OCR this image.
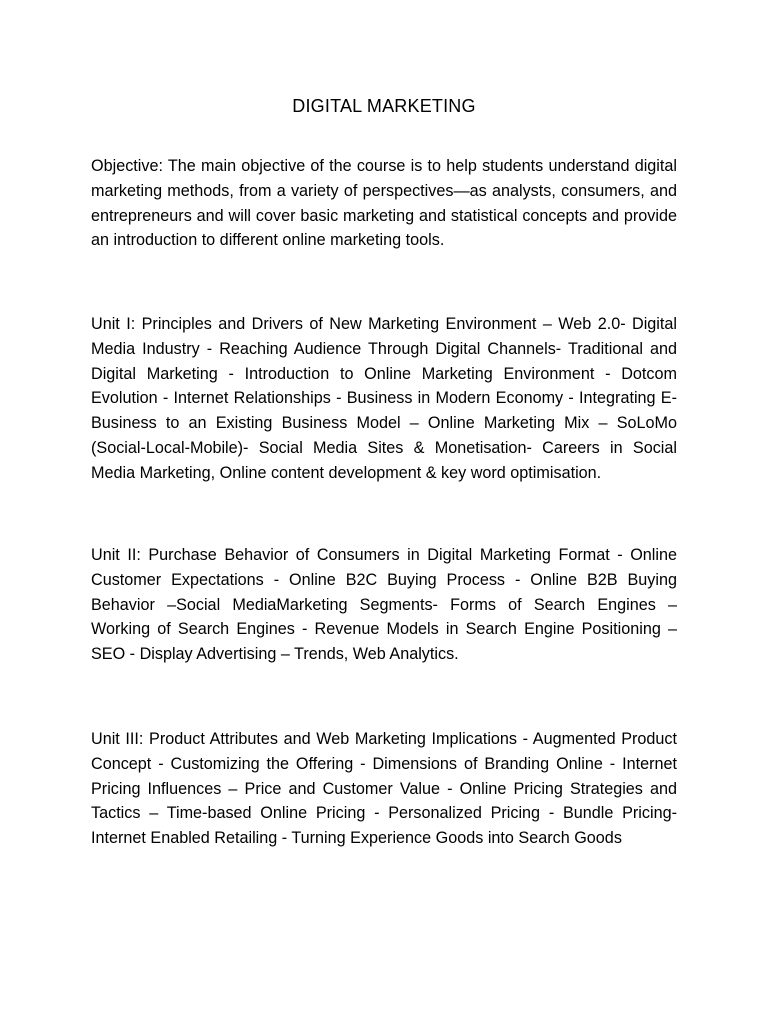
DIGITAL MARKETING

Objective: The main objective of the course is to help students understand digital marketing methods, from a variety of perspectives—as analysts, consumers, and entrepreneurs and will cover basic marketing and statistical concepts and provide an introduction to different online marketing tools.

Unit I: Principles and Drivers of New Marketing Environment – Web 2.0- Digital Media Industry - Reaching Audience Through Digital Channels- Traditional and Digital Marketing - Introduction to Online Marketing Environment - Dotcom Evolution - Internet Relationships - Business in Modern Economy - Integrating E-Business to an Existing Business Model – Online Marketing Mix – SoLoMo (Social-Local-Mobile)- Social Media Sites & Monetisation- Careers in Social Media Marketing, Online content development & key word optimisation.

Unit II: Purchase Behavior of Consumers in Digital Marketing Format - Online Customer Expectations - Online B2C Buying Process - Online B2B Buying Behavior –Social MediaMarketing Segments- Forms of Search Engines – Working of Search Engines - Revenue Models in Search Engine Positioning – SEO - Display Advertising – Trends, Web Analytics.

Unit III: Product Attributes and Web Marketing Implications - Augmented Product Concept - Customizing the Offering - Dimensions of Branding Online - Internet Pricing Influences – Price and Customer Value - Online Pricing Strategies and Tactics – Time-based Online Pricing - Personalized Pricing - Bundle Pricing- Internet Enabled Retailing - Turning Experience Goods into Search Goods
